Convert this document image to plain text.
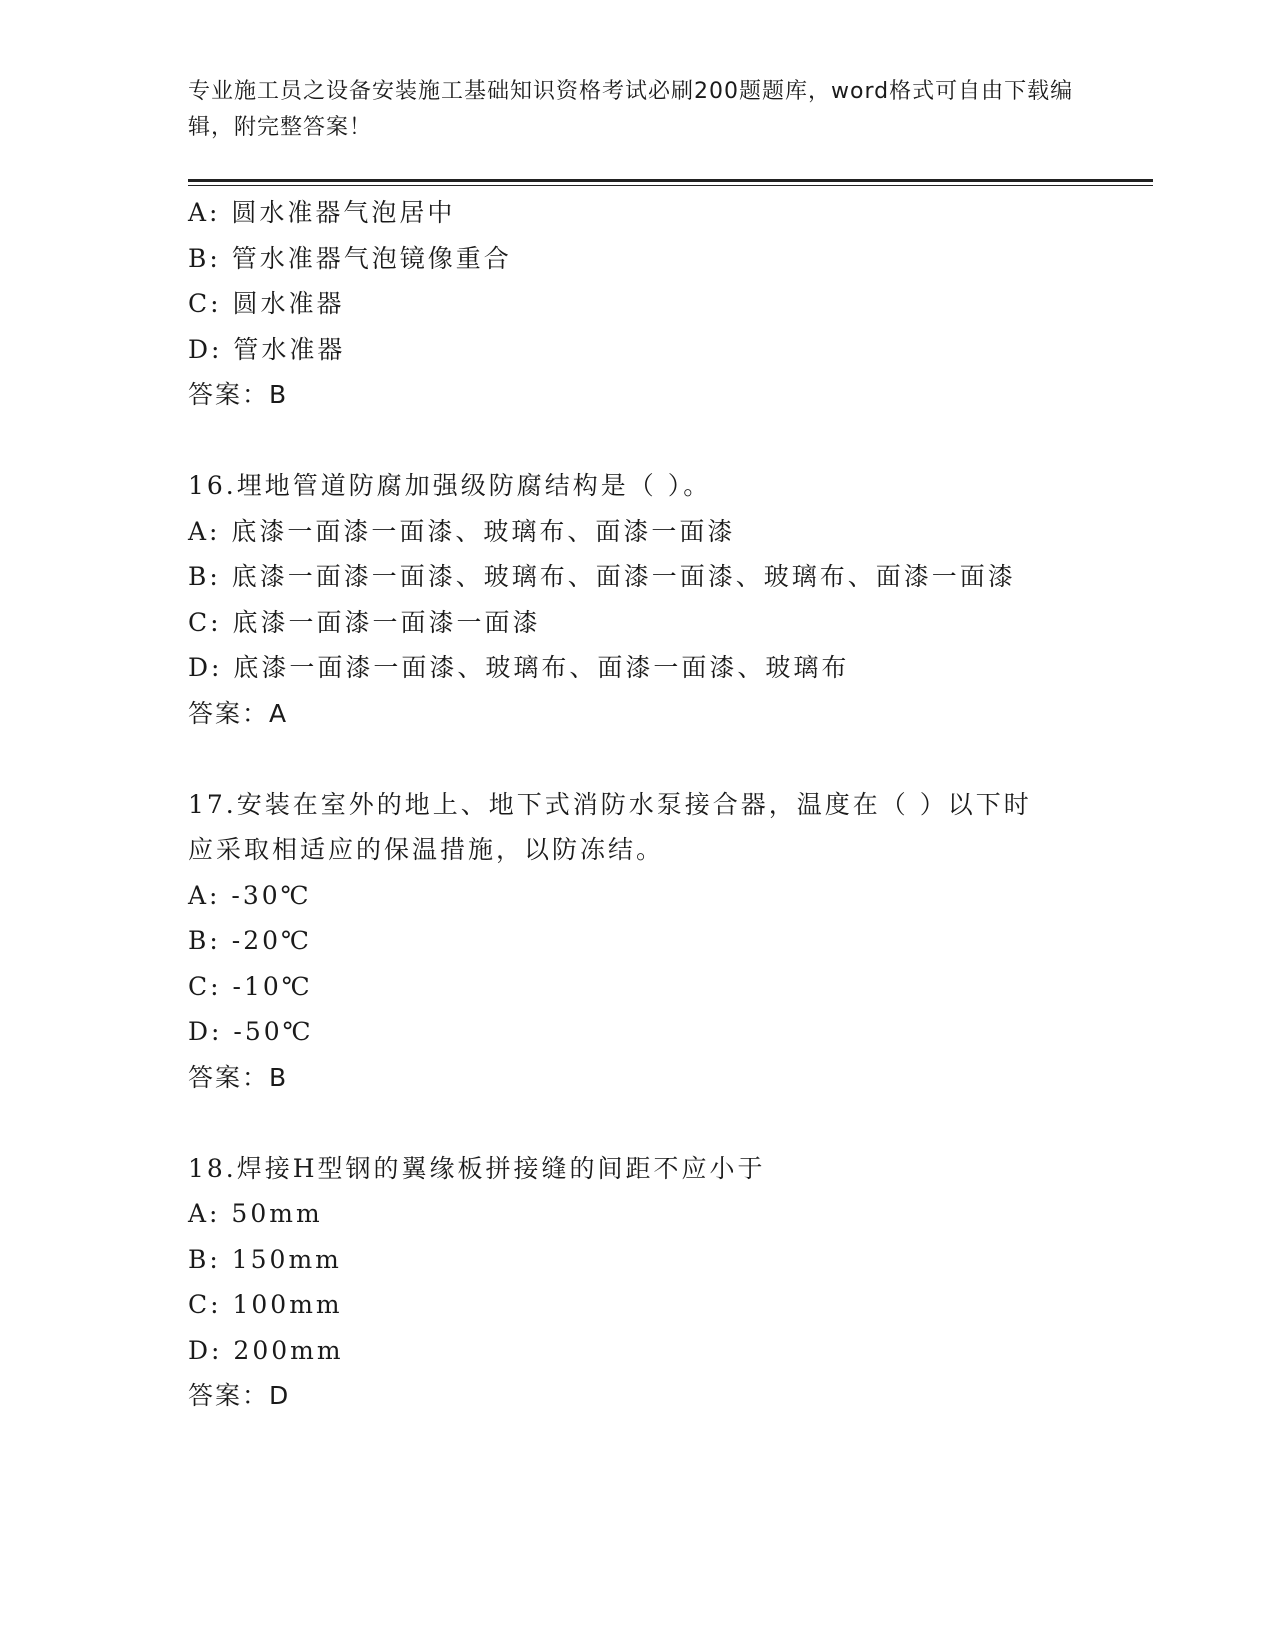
专业施工员之设备安装施工基础知识资格考试必刷200题题库，word格式可自由下载编辑，附完整答案！
A: 圆水准器气泡居中
B: 管水准器气泡镜像重合
C: 圆水准器
D: 管水准器
答案：B
16.埋地管道防腐加强级防腐结构是（ ）。
A: 底漆一面漆一面漆、玻璃布、面漆一面漆
B: 底漆一面漆一面漆、玻璃布、面漆一面漆、玻璃布、面漆一面漆
C: 底漆一面漆一面漆一面漆
D: 底漆一面漆一面漆、玻璃布、面漆一面漆、玻璃布
答案：A
17.安装在室外的地上、地下式消防水泵接合器，温度在（ ）以下时应采取相适应的保温措施，以防冻结。
A: -30℃
B: -20℃
C: -10℃
D: -50℃
答案：B
18.焊接H型钢的翼缘板拼接缝的间距不应小于
A: 50mm
B: 150mm
C: 100mm
D: 200mm
答案：D
